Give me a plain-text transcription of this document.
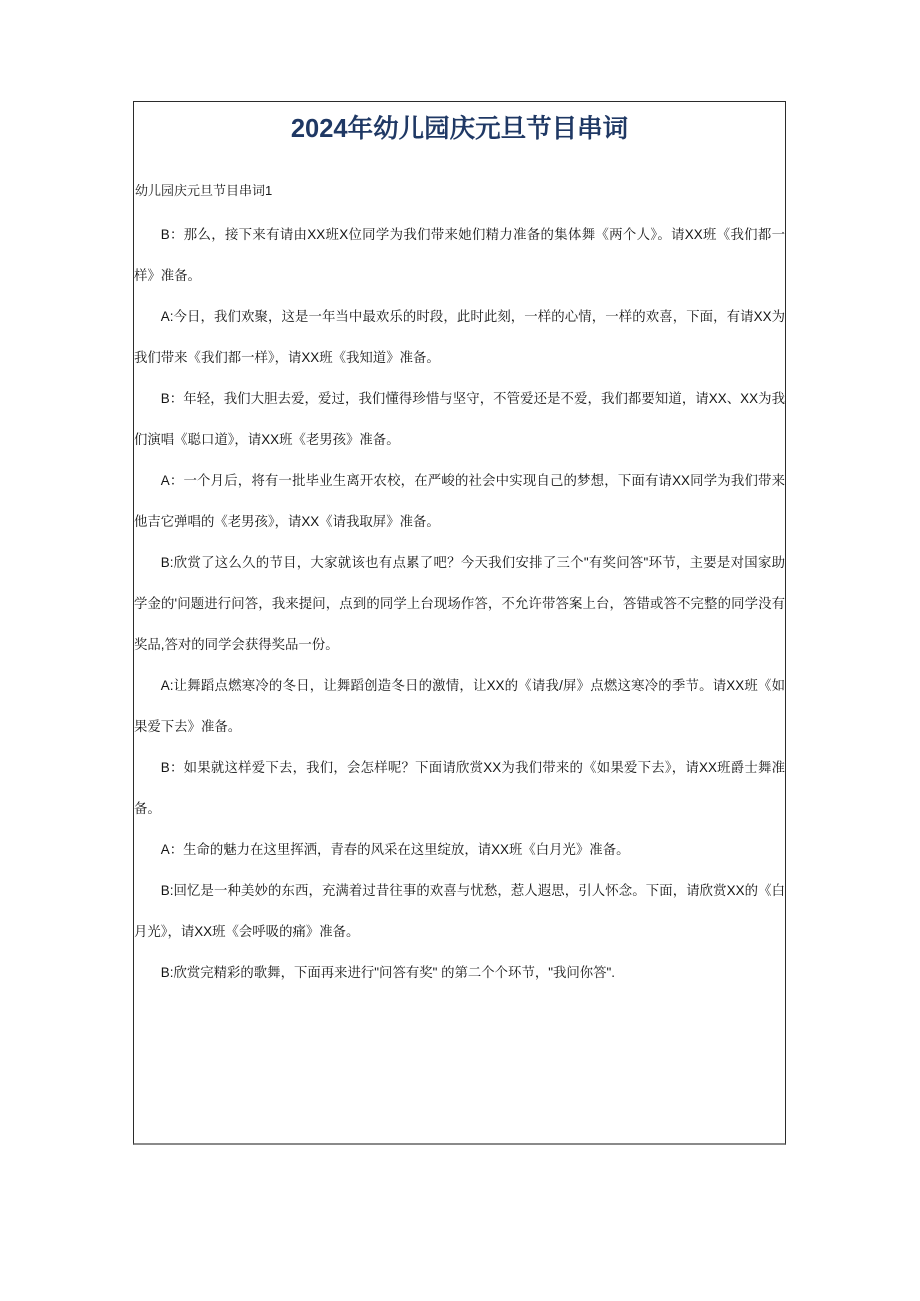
2024年幼儿园庆元旦节目串词

幼儿园庆元旦节目串词1

B：那么，接下来有请由XX班X位同学为我们带来她们精力准备的集体舞《两个人》。请XX班《我们都一样》准备。

A:今日，我们欢聚，这是一年当中最欢乐的时段，此时此刻，一样的心情，一样的欢喜，下面，有请XX为我们带来《我们都一样》，请XX班《我知道》准备。

B：年轻，我们大胆去爱，爱过，我们懂得珍惜与坚守，不管爱还是不爱，我们都要知道，请XX、XX为我们演唱《聪口道》，请XX班《老男孩》准备。

A：一个月后，将有一批毕业生离开农校，在严峻的社会中实现自己的梦想，下面有请XX同学为我们带来他吉它弹唱的《老男孩》，请XX《请我取屏》准备。

B:欣赏了这么久的节目，大家就该也有点累了吧？今天我们安排了三个"有奖问答"环节，主要是对国家助学金的'问题进行问答，我来提问，点到的同学上台现场作答，不允许带答案上台，答错或答不完整的同学没有奖品,答对的同学会获得奖品一份。

A:让舞蹈点燃寒冷的冬日，让舞蹈创造冬日的激情，让XX的《请我/屏》点燃这寒冷的季节。请XX班《如果爱下去》准备。

B：如果就这样爱下去，我们，会怎样呢？下面请欣赏XX为我们带来的《如果爱下去》，请XX班爵士舞准备。

A：生命的魅力在这里挥洒，青春的风采在这里绽放，请XX班《白月光》准备。

B:回忆是一种美妙的东西，充满着过昔往事的欢喜与忧愁，惹人遐思，引人怀念。下面，请欣赏XX的《白月光》，请XX班《会呼吸的痛》准备。

B:欣赏完精彩的歌舞，下面再来进行"问答有奖" 的第二个个环节，"我问你答".
